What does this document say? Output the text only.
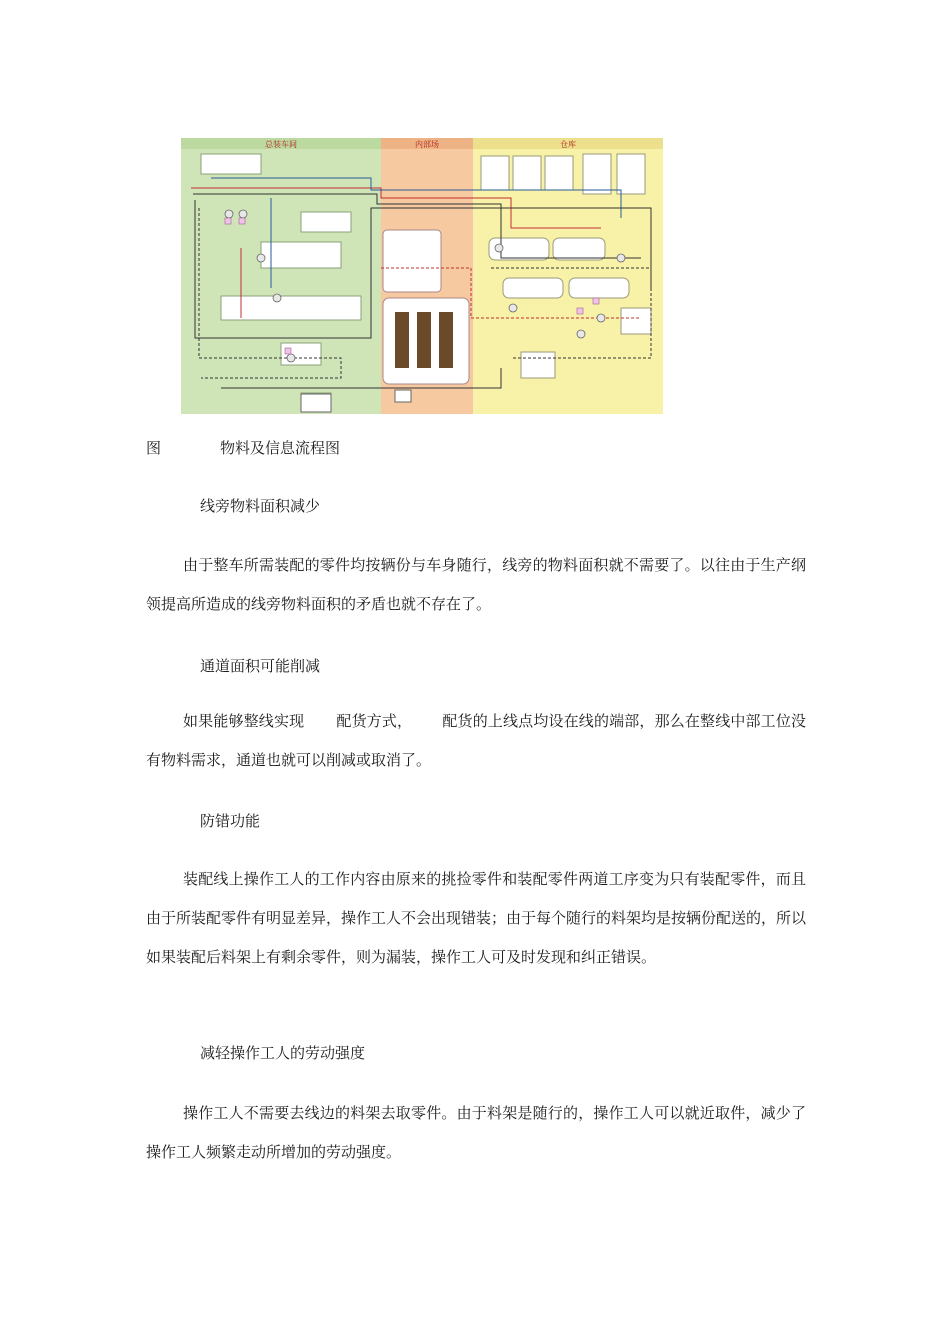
总装车间	内部场	仓库
图	物料及信息流程图
线旁物料面积减少

由于整车所需装配的零件均按辆份与车身随行，线旁的物料面积就不需要了。以往由于生产纲领提高所造成的线旁物料面积的矛盾也就不存在了。

通道面积可能削减

如果能够整线实现 配货方式， 配货的上线点均设在线的端部，那么在整线中部工位没有物料需求，通道也就可以削减或取消了。

防错功能

装配线上操作工人的工作内容由原来的挑捡零件和装配零件两道工序变为只有装配零件，而且由于所装配零件有明显差异，操作工人不会出现错装；由于每个随行的料架均是按辆份配送的，所以如果装配后料架上有剩余零件，则为漏装，操作工人可及时发现和纠正错误。

减轻操作工人的劳动强度

操作工人不需要去线边的料架去取零件。由于料架是随行的，操作工人可以就近取件，减少了操作工人频繁走动所增加的劳动强度。
